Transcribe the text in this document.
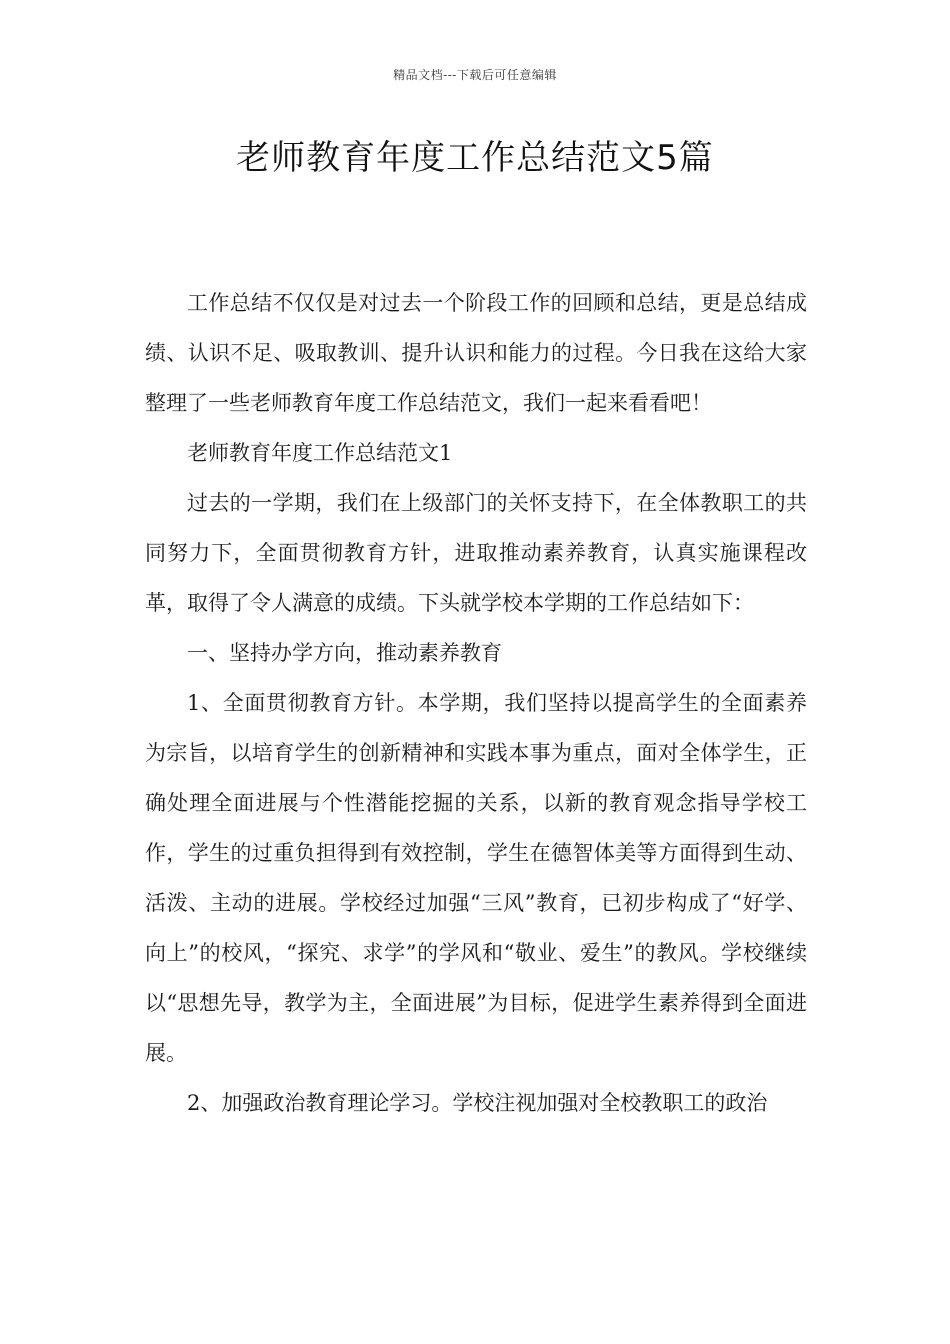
精品文档---下载后可任意编辑
老师教育年度工作总结范文5篇

工作总结不仅仅是对过去一个阶段工作的回顾和总结，更是总结成绩、认识不足、吸取教训、提升认识和能力的过程。今日我在这给大家整理了一些老师教育年度工作总结范文，我们一起来看看吧！

老师教育年度工作总结范文1

过去的一学期，我们在上级部门的关怀支持下，在全体教职工的共同努力下，全面贯彻教育方针，进取推动素养教育，认真实施课程改革，取得了令人满意的成绩。下头就学校本学期的工作总结如下：

一、坚持办学方向，推动素养教育

1、全面贯彻教育方针。本学期，我们坚持以提高学生的全面素养为宗旨，以培育学生的创新精神和实践本事为重点，面对全体学生，正确处理全面进展与个性潜能挖掘的关系，以新的教育观念指导学校工作，学生的过重负担得到有效控制，学生在德智体美等方面得到生动、活泼、主动的进展。学校经过加强“三风”教育，已初步构成了“好学、向上”的校风，“探究、求学”的学风和“敬业、爱生”的教风。学校继续以“思想先导，教学为主，全面进展”为目标，促进学生素养得到全面进展。

2、加强政治教育理论学习。学校注视加强对全校教职工的政治
